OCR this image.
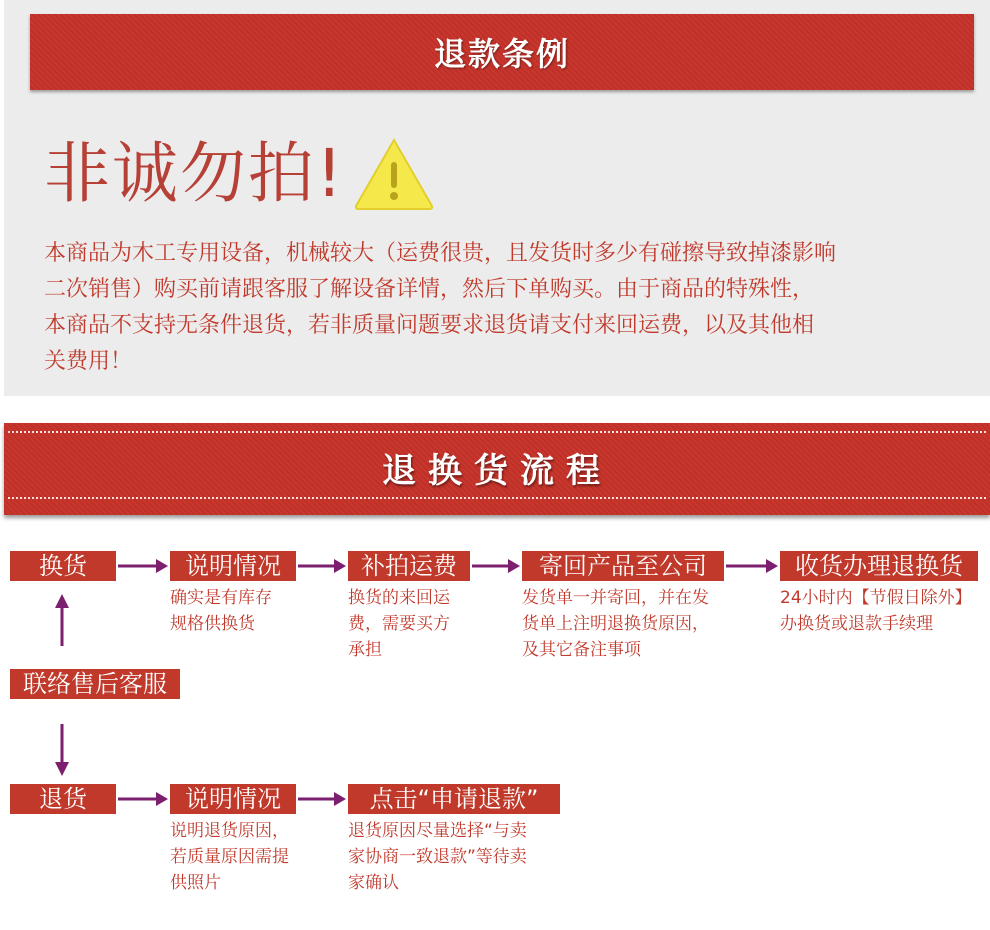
退款条例
非诚勿拍!
本商品为木工专用设备，机械较大（运费很贵，且发货时多少有碰擦导致掉漆影响
二次销售）购买前请跟客服了解设备详情，然后下单购买。由于商品的特殊性，
本商品不支持无条件退货，若非质量问题要求退货请支付来回运费，以及其他相
关费用！
退换货流程
换货	说明情况
确实是有库存
规格供换货
补拍运费
换货的来回运
费，需要买方
承担
寄回产品至公司
发货单一并寄回，并在发
货单上注明退换货原因，
及其它备注事项
收货办理退换货
24小时内【节假日除外】
办换货或退款手续理
联络售后客服
退货	说明情况
说明退货原因，
若质量原因需提
供照片
点击“申请退款”
退货原因尽量选择“与卖
家协商一致退款”等待卖
家确认
